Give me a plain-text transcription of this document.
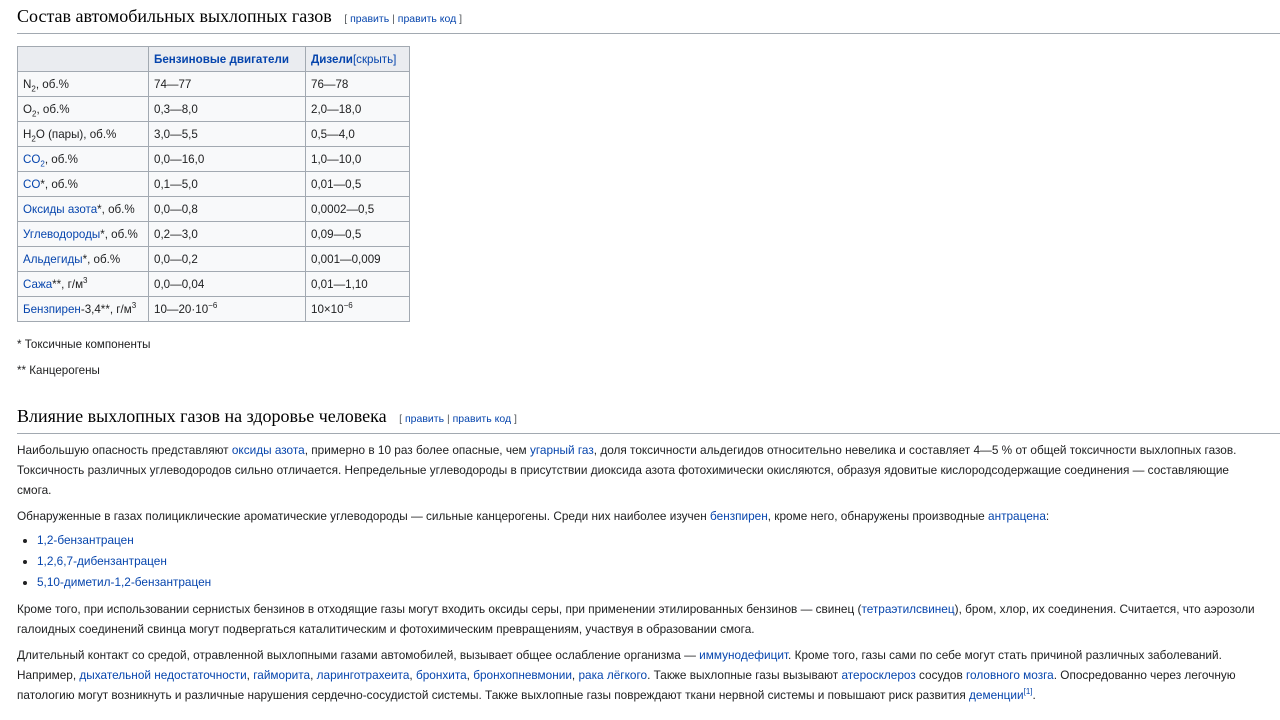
Состав автомобильных выхлопных газов [ править | править код ]
	Бензиновые двигатели	Дизели[скрыть]
$N_2$, об.%	74—77	76—78
$O_2$, об.%	0,3—8,0	2,0—18,0
$H_2O$ (пары), об.%	3,0—5,5	0,5—4,0
$CO_2$, об.%	0,0—16,0	1,0—10,0
CO*, об.%	0,1—5,0	0,01—0,5
Оксиды азота*, об.%	0,0—0,8	0,0002—0,5
Углеводороды*, об.%	0,2—3,0	0,09—0,5
Альдегиды*, об.%	0,0—0,2	0,001—0,009
Сажа**, $г/м^3$	0,0—0,04	0,01—1,10
Бензпирен-3,4**, $г/м^3$	$10—20\cdot 10^{-6}$	$10\times 10^{-6}$
* Токсичные компоненты
** Канцерогены
Влияние выхлопных газов на здоровье человека [ править | править код ]

Наибольшую опасность представляют оксиды азота, примерно в 10 раз более опасные, чем угарный газ, доля токсичности альдегидов относительно невелика и составляет 4—5 % от общей токсичности выхлопных газов. Токсичность различных углеводородов сильно отличается. Непредельные углеводороды в присутствии диоксида азота фотохимически окисляются, образуя ядовитые кислородсодержащие соединения — составляющие смога.

Обнаруженные в газах полициклические ароматические углеводороды — сильные канцерогены. Среди них наиболее изучен бензпирен, кроме него, обнаружены производные антрацена:

• 1,2-бензантрацен
• 1,2,6,7-дибензантрацен
• 5,10-диметил-1,2-бензантрацен

Кроме того, при использовании сернистых бензинов в отходящие газы могут входить оксиды серы, при применении этилированных бензинов — свинец (тетраэтилсвинец), бром, хлор, их соединения. Считается, что аэрозоли галоидных соединений свинца могут подвергаться каталитическим и фотохимическим превращениям, участвуя в образовании смога.

Длительный контакт со средой, отравленной выхлопными газами автомобилей, вызывает общее ослабление организма — иммунодефицит. Кроме того, газы сами по себе могут стать причиной различных заболеваний. Например, дыхательной недостаточности, гайморита, ларинготрахеита, бронхита, бронхопневмонии, рака лёгкого. Также выхлопные газы вызывают атеросклероз сосудов головного мозга. Опосредованно через легочную патологию могут возникнуть и различные нарушения сердечно-сосудистой системы. Также выхлопные газы повреждают ткани нервной системы и повышают риск развития деменции[1].
